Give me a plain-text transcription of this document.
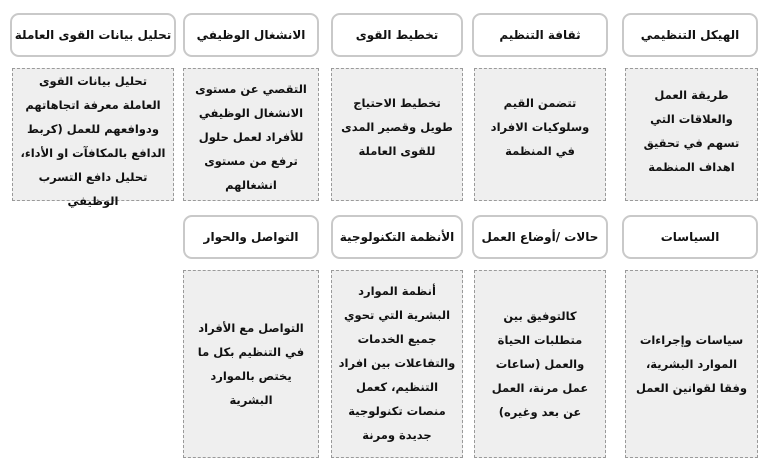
الهيكل التنظيمي
ثقافة التنظيم
تخطيط القوى
الانشغال الوظيفي
تحليل بيانات القوى العاملة
طريقة العمل والعلاقات التي تسهم في تحقيق اهداف المنظمة
تتضمن القيم وسلوكيات الافراد في المنظمة
تخطيط الاحتياج طويل وقصير المدى للقوى العاملة
التقصي عن مستوى الانشغال الوظيفي للأفراد لعمل حلول ترفع من مستوى انشغالهم
تحليل بيانات القوى العاملة معرفة اتجاهاتهم ودوافعهم للعمل (كربط الدافع بالمكافآت او الأداء، تحليل دافع التسرب الوظيفي
السياسات
حالات /أوضاع العمل
الأنظمة التكنولوجية
التواصل والحوار
سياسات وإجراءات الموارد البشرية، وفقا لقوانين العمل
كالتوفيق بين متطلبات الحياة والعمل (ساعات عمل مرنة، العمل عن بعد وغيره)
أنظمة الموارد البشرية التي تحوي جميع الخدمات والتفاعلات بين افراد التنظيم، كعمل منصات تكنولوجية جديدة ومرنة
التواصل مع الأفراد في التنظيم بكل ما يختص بالموارد البشرية
